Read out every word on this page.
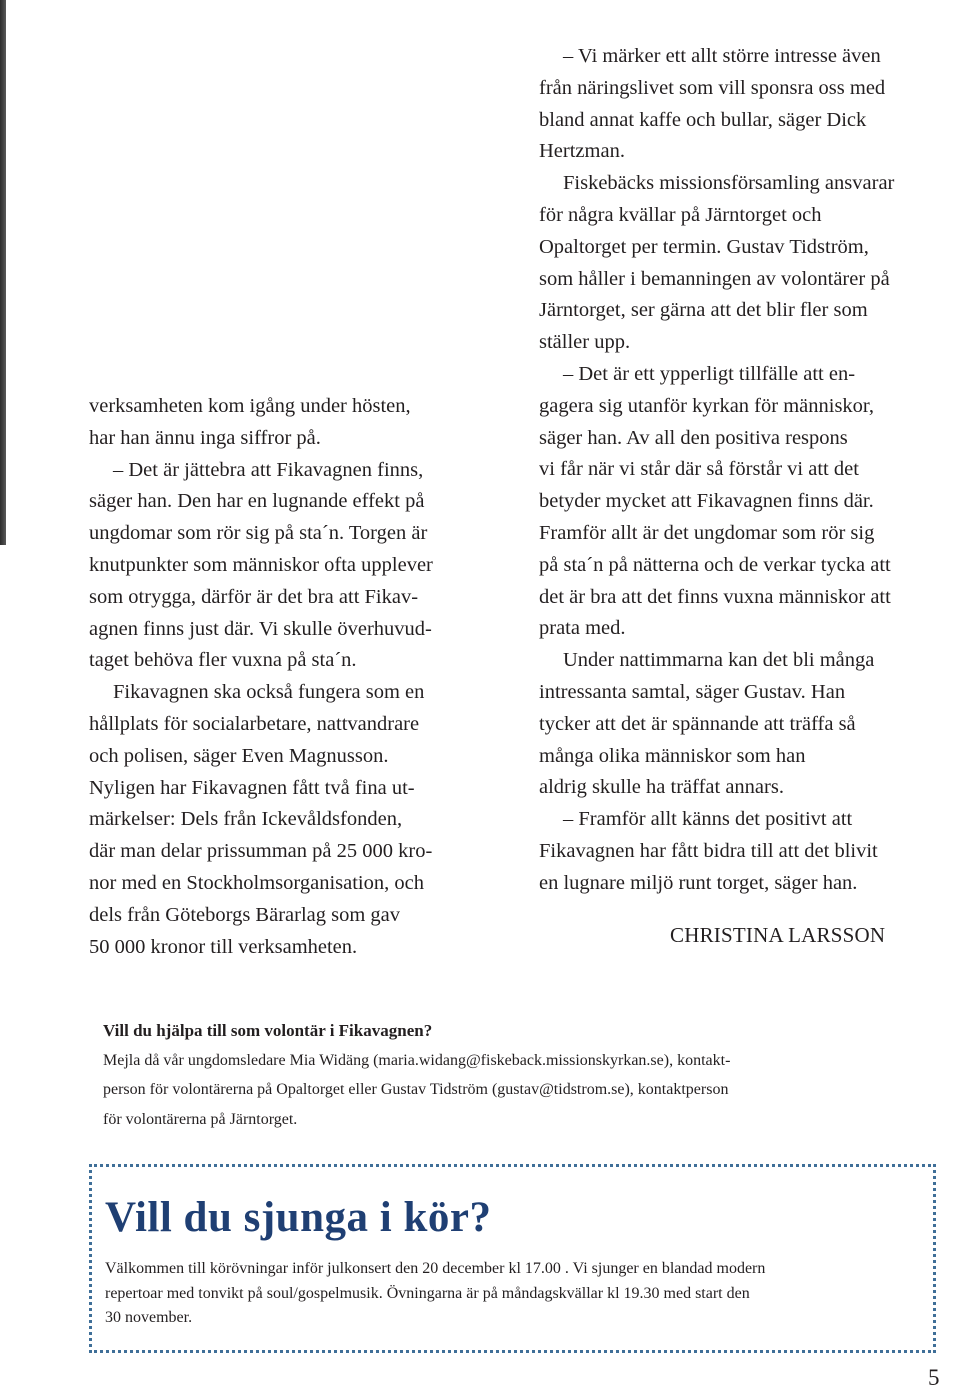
verksamheten kom igång under hösten,
har han ännu inga siffror på.
– Det är jättebra att Fikavagnen finns,
säger han. Den har en lugnande effekt på
ungdomar som rör sig på sta´n. Torgen är
knutpunkter som människor ofta upplever
som otrygga, därför är det bra att Fikav-
agnen finns just där. Vi skulle överhuvud-
taget behöva fler vuxna på sta´n.
Fikavagnen ska också fungera som en
hållplats för socialarbetare, nattvandrare
och polisen, säger Even Magnusson.
Nyligen har Fikavagnen fått två fina ut-
märkelser: Dels från Ickevåldsfonden,
där man delar prissumman på 25 000 kro-
nor med en Stockholmsorganisation, och
dels från Göteborgs Bärarlag som gav
50 000 kronor till verksamheten.
– Vi märker ett allt större intresse även
från näringslivet som vill sponsra oss med
bland annat kaffe och bullar, säger Dick
Hertzman.
Fiskebäcks missionsförsamling ansvarar
för några kvällar på Järntorget och
Opaltorget per termin. Gustav Tidström,
som håller i bemanningen av volontärer på
Järntorget, ser gärna att det blir fler som
ställer upp.
– Det är ett ypperligt tillfälle att en-
gagera sig utanför kyrkan för människor,
säger han. Av all den positiva respons
vi får när vi står där så förstår vi att det
betyder mycket att Fikavagnen finns där.
Framför allt är det ungdomar som rör sig
på sta´n på nätterna och de verkar tycka att
det är bra att det finns vuxna människor att
prata med.
Under nattimmarna kan det bli många
intressanta samtal, säger Gustav. Han
tycker att det är spännande att träffa så
många olika människor som han
aldrig skulle ha träffat annars.
– Framför allt känns det positivt att
Fikavagnen har fått bidra till att det blivit
en lugnare miljö runt torget, säger han.
CHRISTINA LARSSON
Vill du hjälpa till som volontär i Fikavagnen?
Mejla då vår ungdomsledare Mia Widäng (maria.widang@fiskeback.missionskyrkan.se), kontakt-
person för volontärerna på Opaltorget eller Gustav Tidström (gustav@tidstrom.se), kontaktperson
för volontärerna på Järntorget.
Vill du sjunga i kör?
Välkommen till körövningar inför julkonsert den 20 december kl 17.00 . Vi sjunger en blandad modern
repertoar med tonvikt på soul/gospelmusik. Övningarna är på måndagskvällar kl 19.30 med start den
30 november.
5
